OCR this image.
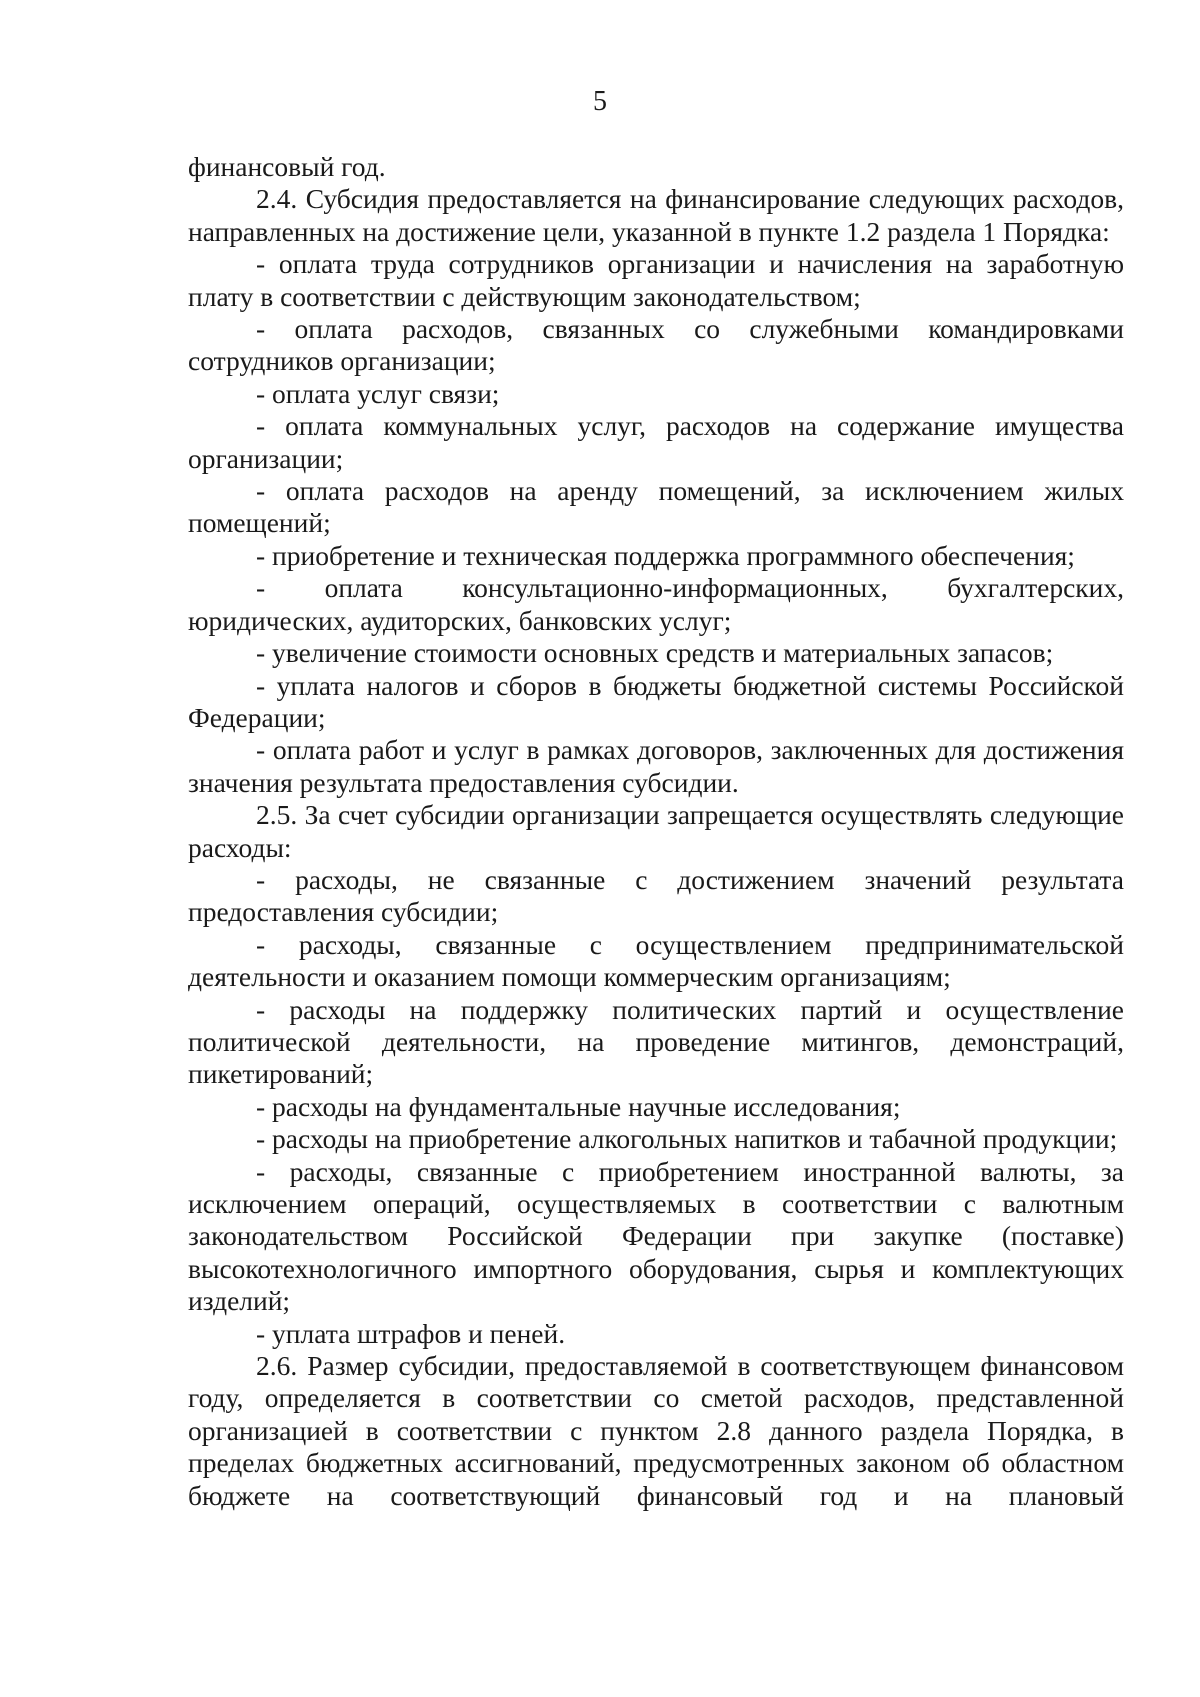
5

финансовый год.

2.4. Субсидия предоставляется на финансирование следующих расходов, направленных на достижение цели, указанной в пункте 1.2 раздела 1 Порядка:

- оплата труда сотрудников организации и начисления на заработную плату в соответствии с действующим законодательством;

- оплата расходов, связанных со служебными командировками сотрудников организации;

- оплата услуг связи;

- оплата коммунальных услуг, расходов на содержание имущества организации;

- оплата расходов на аренду помещений, за исключением жилых помещений;

- приобретение и техническая поддержка программного обеспечения;

- оплата консультационно-информационных, бухгалтерских, юридических, аудиторских, банковских услуг;

- увеличение стоимости основных средств и материальных запасов;

- уплата налогов и сборов в бюджеты бюджетной системы Российской Федерации;

- оплата работ и услуг в рамках договоров, заключенных для достижения значения результата предоставления субсидии.

2.5. За счет субсидии организации запрещается осуществлять следующие расходы:

- расходы, не связанные с достижением значений результата предоставления субсидии;

- расходы, связанные с осуществлением предпринимательской деятельности и оказанием помощи коммерческим организациям;

- расходы на поддержку политических партий и осуществление политической деятельности, на проведение митингов, демонстраций, пикетирований;

- расходы на фундаментальные научные исследования;

- расходы на приобретение алкогольных напитков и табачной продукции;

- расходы, связанные с приобретением иностранной валюты, за исключением операций, осуществляемых в соответствии с валютным законодательством Российской Федерации при закупке (поставке) высокотехнологичного импортного оборудования, сырья и комплектующих изделий;

- уплата штрафов и пеней.

2.6. Размер субсидии, предоставляемой в соответствующем финансовом году, определяется в соответствии со сметой расходов, представленной организацией в соответствии с пунктом 2.8 данного раздела Порядка, в пределах бюджетных ассигнований, предусмотренных законом об областном бюджете на соответствующий финансовый год и на плановый
